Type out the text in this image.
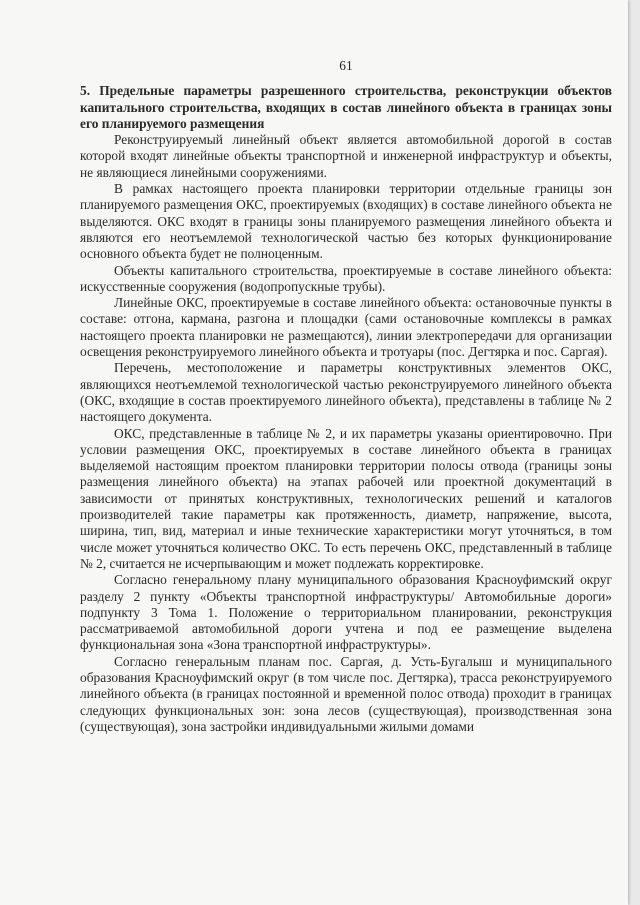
61

5. Предельные параметры разрешенного строительства, реконструкции объектов капитального строительства, входящих в состав линейного объекта в границах зоны его планируемого размещения

Реконструируемый линейный объект является автомобильной дорогой в состав которой входят линейные объекты транспортной и инженерной инфраструктур и объекты, не являющиеся линейными сооружениями.

В рамках настоящего проекта планировки территории отдельные границы зон планируемого размещения ОКС, проектируемых (входящих) в составе линейного объекта не выделяются. ОКС входят в границы зоны планируемого размещения линейного объекта и являются его неотъемлемой технологической частью без которых функционирование основного объекта будет не полноценным.

Объекты капитального строительства, проектируемые в составе линейного объекта: искусственные сооружения (водопропускные трубы).

Линейные ОКС, проектируемые в составе линейного объекта: остановочные пункты в составе: отгона, кармана, разгона и площадки (сами остановочные комплексы в рамках настоящего проекта планировки не размещаются), линии электропередачи для организации освещения реконструируемого линейного объекта и тротуары (пос. Дегтярка и пос. Саргая).

Перечень, местоположение и параметры конструктивных элементов ОКС, являющихся неотъемлемой технологической частью реконструируемого линейного объекта (ОКС, входящие в состав проектируемого линейного объекта), представлены в таблице № 2 настоящего документа.

ОКС, представленные в таблице № 2, и их параметры указаны ориентировочно. При условии размещения ОКС, проектируемых в составе линейного объекта в границах выделяемой настоящим проектом планировки территории полосы отвода (границы зоны размещения линейного объекта) на этапах рабочей или проектной документаций в зависимости от принятых конструктивных, технологических решений и каталогов производителей такие параметры как протяженность, диаметр, напряжение, высота, ширина, тип, вид, материал и иные технические характеристики могут уточняться, в том числе может уточняться количество ОКС. То есть перечень ОКС, представленный в таблице № 2, считается не исчерпывающим и может подлежать корректировке.

Согласно генеральному плану муниципального образования Красноуфимский округ разделу 2 пункту «Объекты транспортной инфраструктуры/ Автомобильные дороги» подпункту 3 Тома 1. Положение о территориальном планировании, реконструкция рассматриваемой автомобильной дороги учтена и под ее размещение выделена функциональная зона «Зона транспортной инфраструктуры».

Согласно генеральным планам пос. Саргая, д. Усть-Бугалыш и муниципального образования Красноуфимский округ (в том числе пос. Дегтярка), трасса реконструируемого линейного объекта (в границах постоянной и временной полос отвода) проходит в границах следующих функциональных зон: зона лесов (существующая), производственная зона (существующая), зона застройки индивидуальными жилыми домами
